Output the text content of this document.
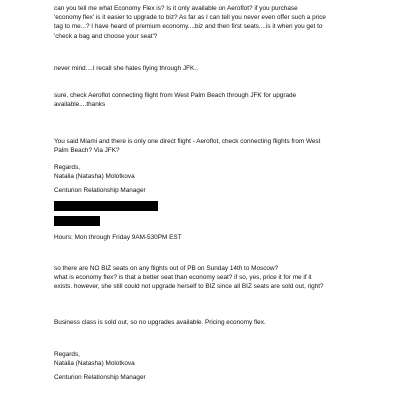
can you tell me what Economy Flex is? Is it only available on Aeroflot? if you purchase
'economy flex' is it easier to upgrade to biz? As far as I can tell you never even offer such a price
tag to me...? I have heard of premium economy....biz and then first seats....is it when you get to
'check a bag and choose your seat'?
never mind....I recall she hates flying through JFK..
sure, check Aeroflot connecting flight from West Palm Beach through JFK for upgrade
available....thanks
You said Miami and there is only one direct flight - Aeroflot, check connecting flights from West
Palm Beach? Via JFK?
Regards,
Natalia (Natasha) Molotkova
Centurion Relationship Manager
Hours: Mon through Friday 9AM-530PM EST
so there are NO BIZ seats on any flights out of PB on Sunday 14th to Moscow?
what is economy flex? is that a better seat than economy seat? if so, yes, price it for me if it
exists. however, she still could not upgrade herself to BIZ since all BIZ seats are sold out, right?
Business class is sold out, so no upgrades available. Pricing economy flex.
Regards,
Natalia (Natasha) Molotkova
Centurion Relationship Manager
